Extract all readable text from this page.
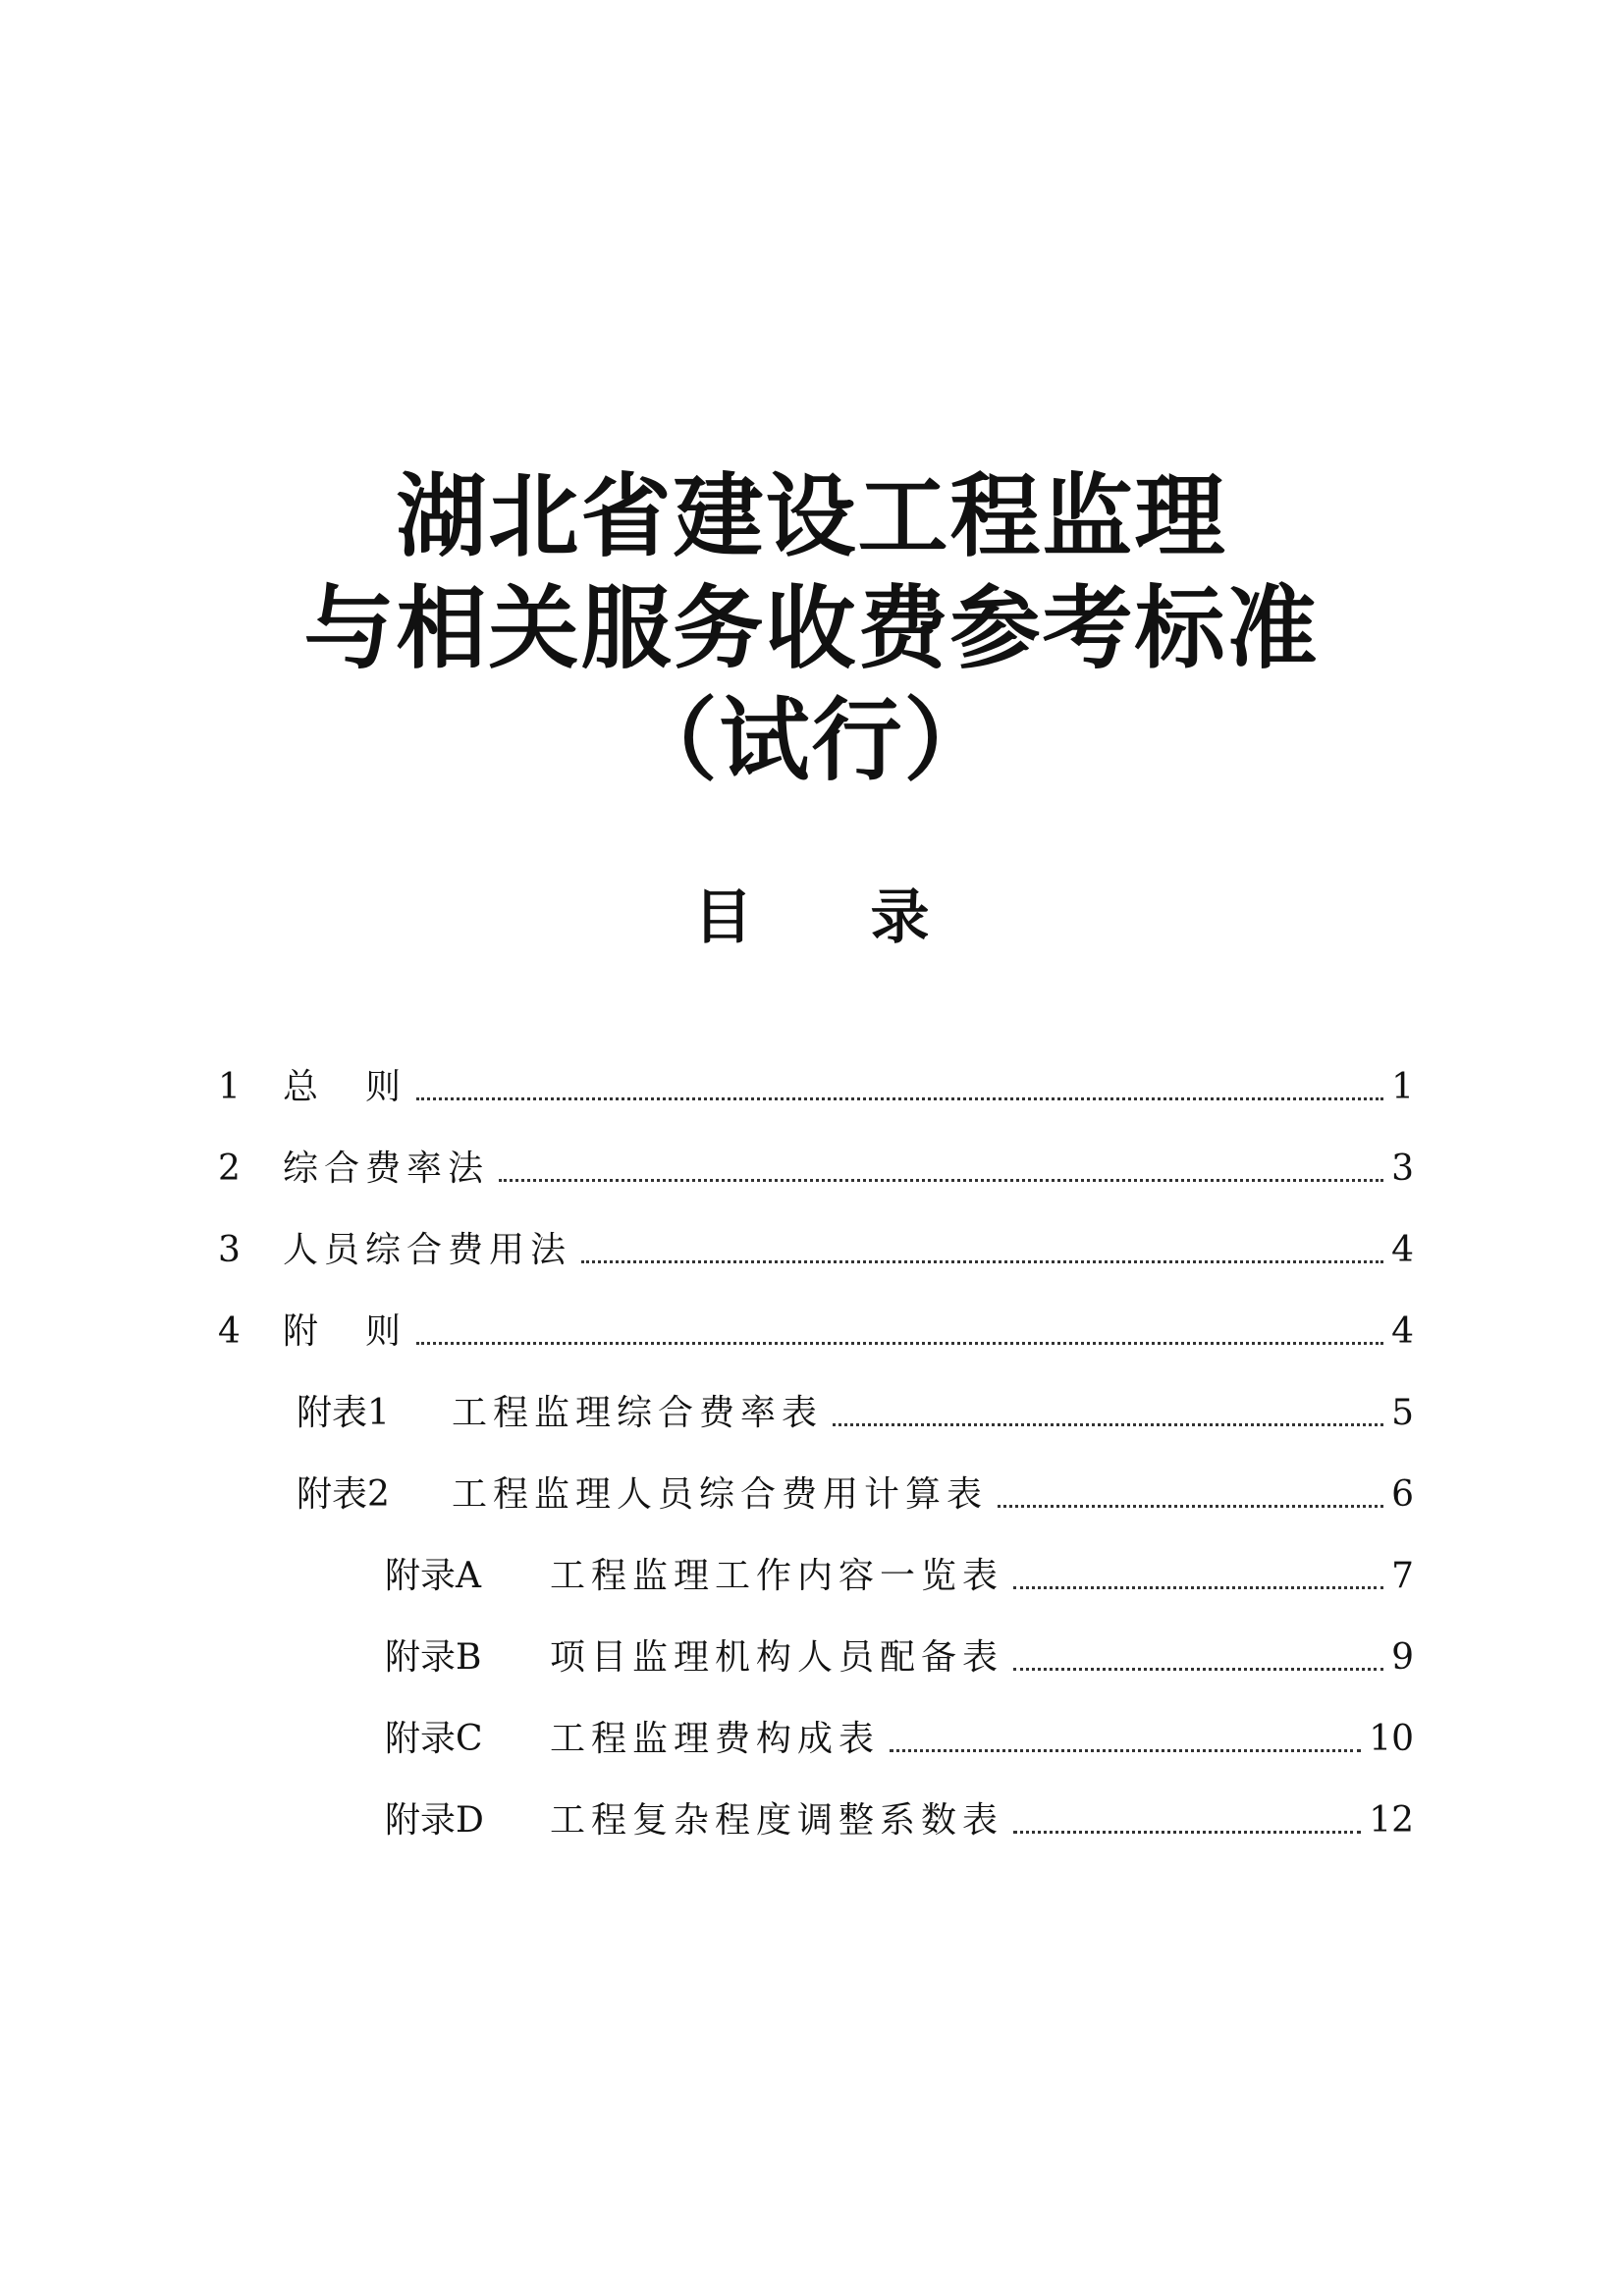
湖北省建设工程监理
与相关服务收费参考标准
（试行）
目　　录
1	总　则	1
2	综合费率法	3
3	人员综合费用法	4
4	附　则	4
附表1	工程监理综合费率表	5
附表2	工程监理人员综合费用计算表	6
附录A	工程监理工作内容一览表	7
附录B	项目监理机构人员配备表	9
附录C	工程监理费构成表	10
附录D	工程复杂程度调整系数表	12
